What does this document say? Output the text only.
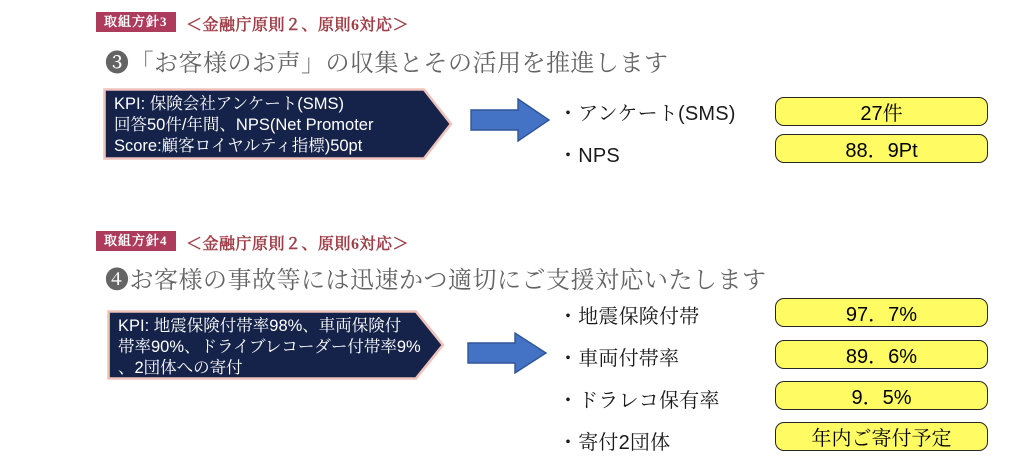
取組方針3	＜金融庁原則２、原則6対応＞
❸「お客様のお声」の収集とその活用を推進します
KPI: 保険会社アンケート(SMS)
回答50件/年間、NPS(Net Promoter
Score:顧客ロイヤルティ指標)50pt
・アンケート(SMS)
・NPS
27件
88．9Pt
取組方針4	＜金融庁原則２、原則6対応＞
❹お客様の事故等には迅速かつ適切にご支援対応いたします
KPI: 地震保険付帯率98%、車両保険付
帯率90%、ドライブレコーダー付帯率9%
、2団体への寄付
・地震保険付帯
・車両付帯率
・ドラレコ保有率
・寄付2団体
97．7%
89．6%
9．5%
年内ご寄付予定
